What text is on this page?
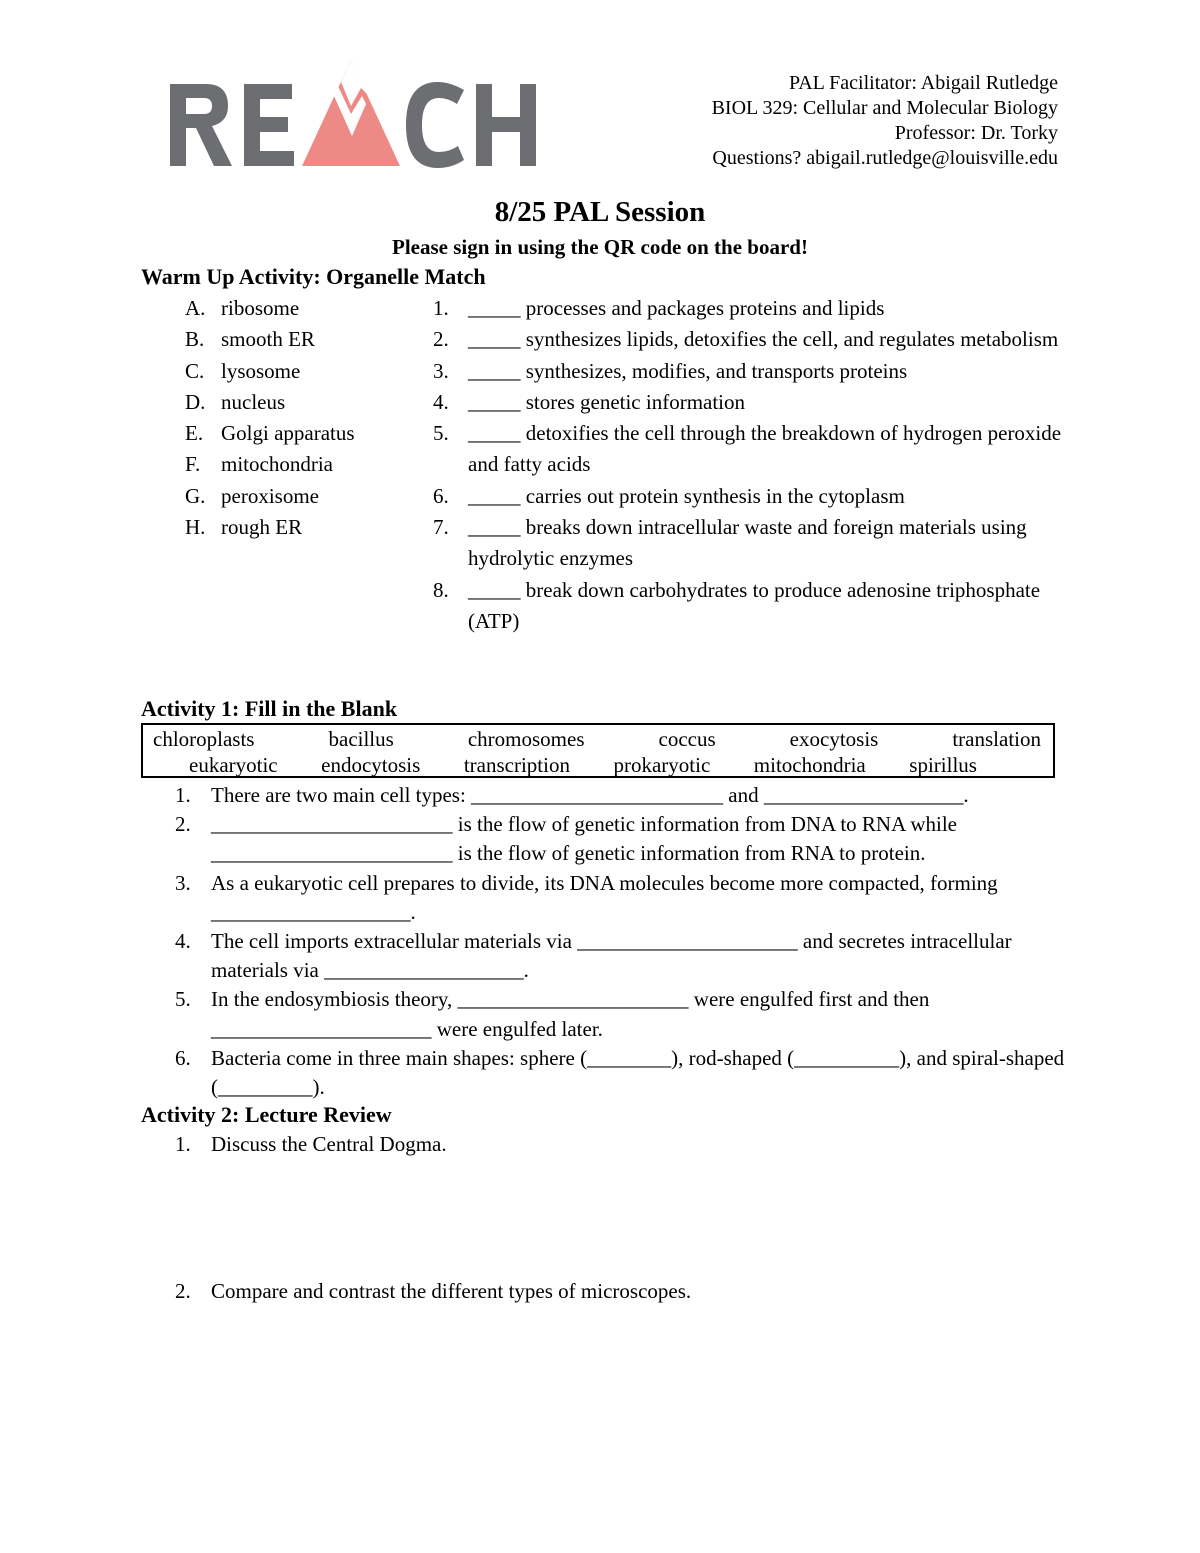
PAL Facilitator: Abigail Rutledge
BIOL 329: Cellular and Molecular Biology
Professor: Dr. Torky
Questions? abigail.rutledge@louisville.edu
8/25 PAL Session
Please sign in using the QR code on the board!
Warm Up Activity: Organelle Match
A. ribosome
B. smooth ER
C. lysosome
D. nucleus
E. Golgi apparatus
F. mitochondria
G. peroxisome
H. rough ER
1. _____ processes and packages proteins and lipids
2. _____ synthesizes lipids, detoxifies the cell, and regulates metabolism
3. _____ synthesizes, modifies, and transports proteins
4. _____ stores genetic information
5. _____ detoxifies the cell through the breakdown of hydrogen peroxide and fatty acids
6. _____ carries out protein synthesis in the cytoplasm
7. _____ breaks down intracellular waste and foreign materials using hydrolytic enzymes
8. _____ break down carbohydrates to produce adenosine triphosphate (ATP)
Activity 1: Fill in the Blank
chloroplasts	bacillus	chromosomes	coccus	exocytosis	translation
eukaryotic endocytosis transcription prokaryotic mitochondria spirillus
1. There are two main cell types: ________________________ and ___________________.
2. _______________________ is the flow of genetic information from DNA to RNA while _______________________ is the flow of genetic information from RNA to protein.
3. As a eukaryotic cell prepares to divide, its DNA molecules become more compacted, forming ___________________.
4. The cell imports extracellular materials via _____________________ and secretes intracellular materials via ___________________.
5. In the endosymbiosis theory, ______________________ were engulfed first and then _____________________ were engulfed later.
6. Bacteria come in three main shapes: sphere (________), rod-shaped (__________), and spiral-shaped (_________).
Activity 2: Lecture Review
1. Discuss the Central Dogma.
2. Compare and contrast the different types of microscopes.
